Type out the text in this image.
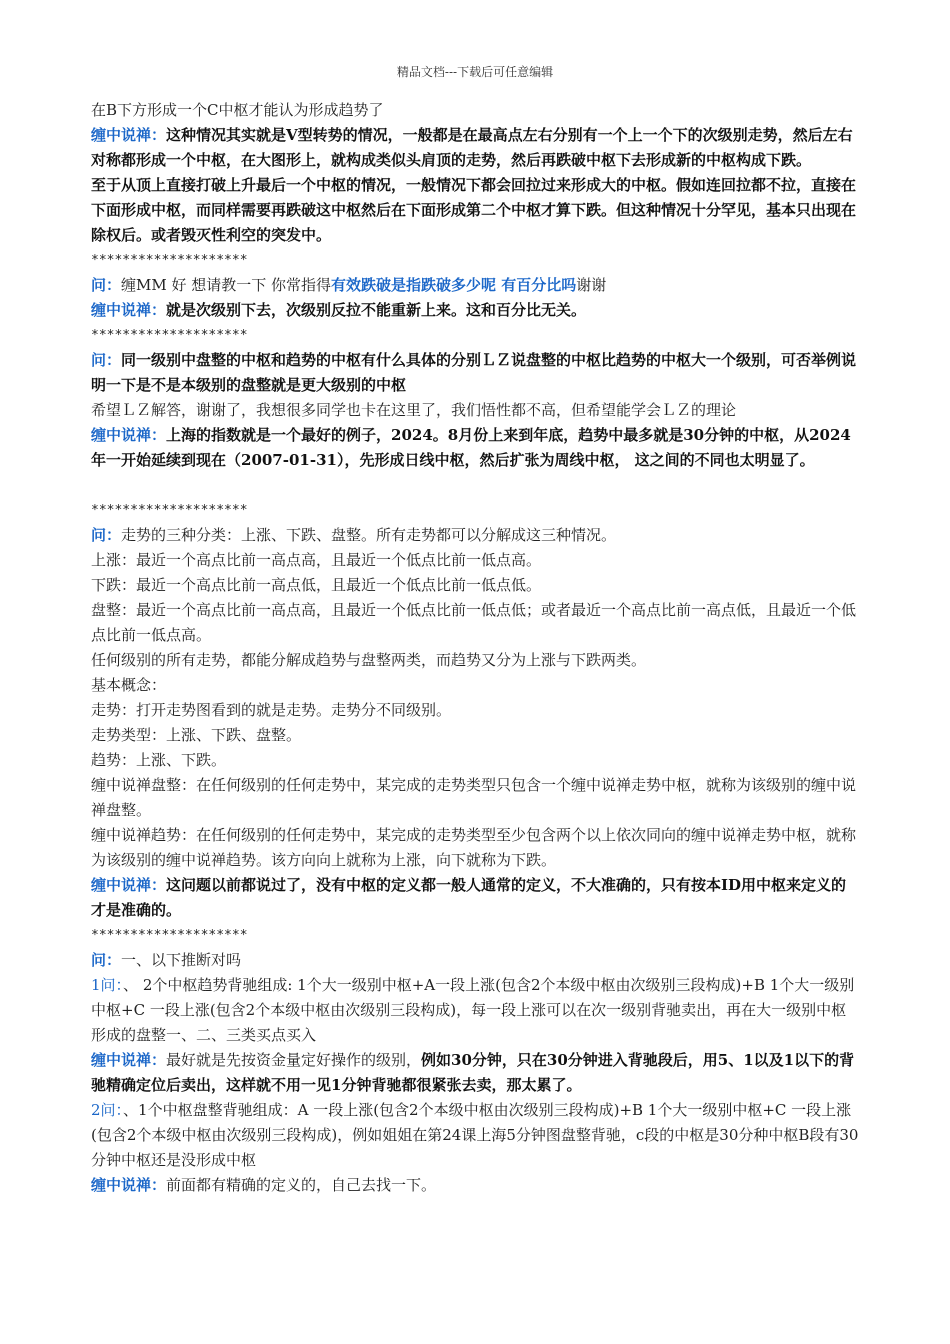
精品文档---下载后可任意编辑

在B下方形成一个C中枢才能认为形成趋势了

缠中说禅：这种情况其实就是V型转势的情况，一般都是在最高点左右分别有一个上一个下的次级别走势，然后左右对称都形成一个中枢，在大图形上，就构成类似头肩顶的走势，然后再跌破中枢下去形成新的中枢构成下跌。

至于从顶上直接打破上升最后一个中枢的情况，一般情况下都会回拉过来形成大的中枢。假如连回拉都不拉，直接在下面形成中枢，而同样需要再跌破这中枢然后在下面形成第二个中枢才算下跌。但这种情况十分罕见，基本只出现在除权后。或者毁灭性利空的突发中。

********************

问：缠MM 好 想请教一下 你常指得有效跌破是指跌破多少呢 有百分比吗谢谢

缠中说禅：就是次级别下去，次级别反拉不能重新上来。这和百分比无关。

********************

问：同一级别中盘整的中枢和趋势的中枢有什么具体的分别ＬＺ说盘整的中枢比趋势的中枢大一个级别，可否举例说明一下是不是本级别的盘整就是更大级别的中枢

希望ＬＺ解答，谢谢了，我想很多同学也卡在这里了，我们悟性都不高，但希望能学会ＬＺ的理论

缠中说禅：上海的指数就是一个最好的例子，2024。8月份上来到年底，趋势中最多就是30分钟的中枢，从2024年一开始延续到现在（2007-01-31），先形成日线中枢，然后扩张为周线中枢， 这之间的不同也太明显了。

********************

问：走势的三种分类：上涨、下跌、盘整。所有走势都可以分解成这三种情况。

上涨：最近一个高点比前一高点高，且最近一个低点比前一低点高。

下跌：最近一个高点比前一高点低，且最近一个低点比前一低点低。

盘整：最近一个高点比前一高点高，且最近一个低点比前一低点低；或者最近一个高点比前一高点低，且最近一个低点比前一低点高。

任何级别的所有走势，都能分解成趋势与盘整两类，而趋势又分为上涨与下跌两类。

基本概念：

走势：打开走势图看到的就是走势。走势分不同级别。

走势类型：上涨、下跌、盘整。

趋势：上涨、下跌。

缠中说禅盘整：在任何级别的任何走势中，某完成的走势类型只包含一个缠中说禅走势中枢，就称为该级别的缠中说禅盘整。

缠中说禅趋势：在任何级别的任何走势中，某完成的走势类型至少包含两个以上依次同向的缠中说禅走势中枢，就称为该级别的缠中说禅趋势。该方向向上就称为上涨，向下就称为下跌。

缠中说禅：这问题以前都说过了，没有中枢的定义都一般人通常的定义，不大准确的，只有按本ID用中枢来定义的才是准确的。

********************

问：一、以下推断对吗

1问：、 2个中枢趋势背驰组成: 1个大一级别中枢+A一段上涨(包含2个本级中枢由次级别三段构成)+B 1个大一级别中枢+C 一段上涨(包含2个本级中枢由次级别三段构成)，每一段上涨可以在次一级别背驰卖出，再在大一级别中枢形成的盘整一、二、三类买点买入

缠中说禅：最好就是先按资金量定好操作的级别，例如30分钟，只在30分钟进入背驰段后，用5、1以及1以下的背驰精确定位后卖出，这样就不用一见1分钟背驰都很紧张去卖，那太累了。

2问：、1个中枢盘整背驰组成：A 一段上涨(包含2个本级中枢由次级别三段构成)+B 1个大一级别中枢+C 一段上涨(包含2个本级中枢由次级别三段构成)，例如姐姐在第24课上海5分钟图盘整背驰，c段的中枢是30分种中枢B段有30分钟中枢还是没形成中枢

缠中说禅：前面都有精确的定义的，自己去找一下。
